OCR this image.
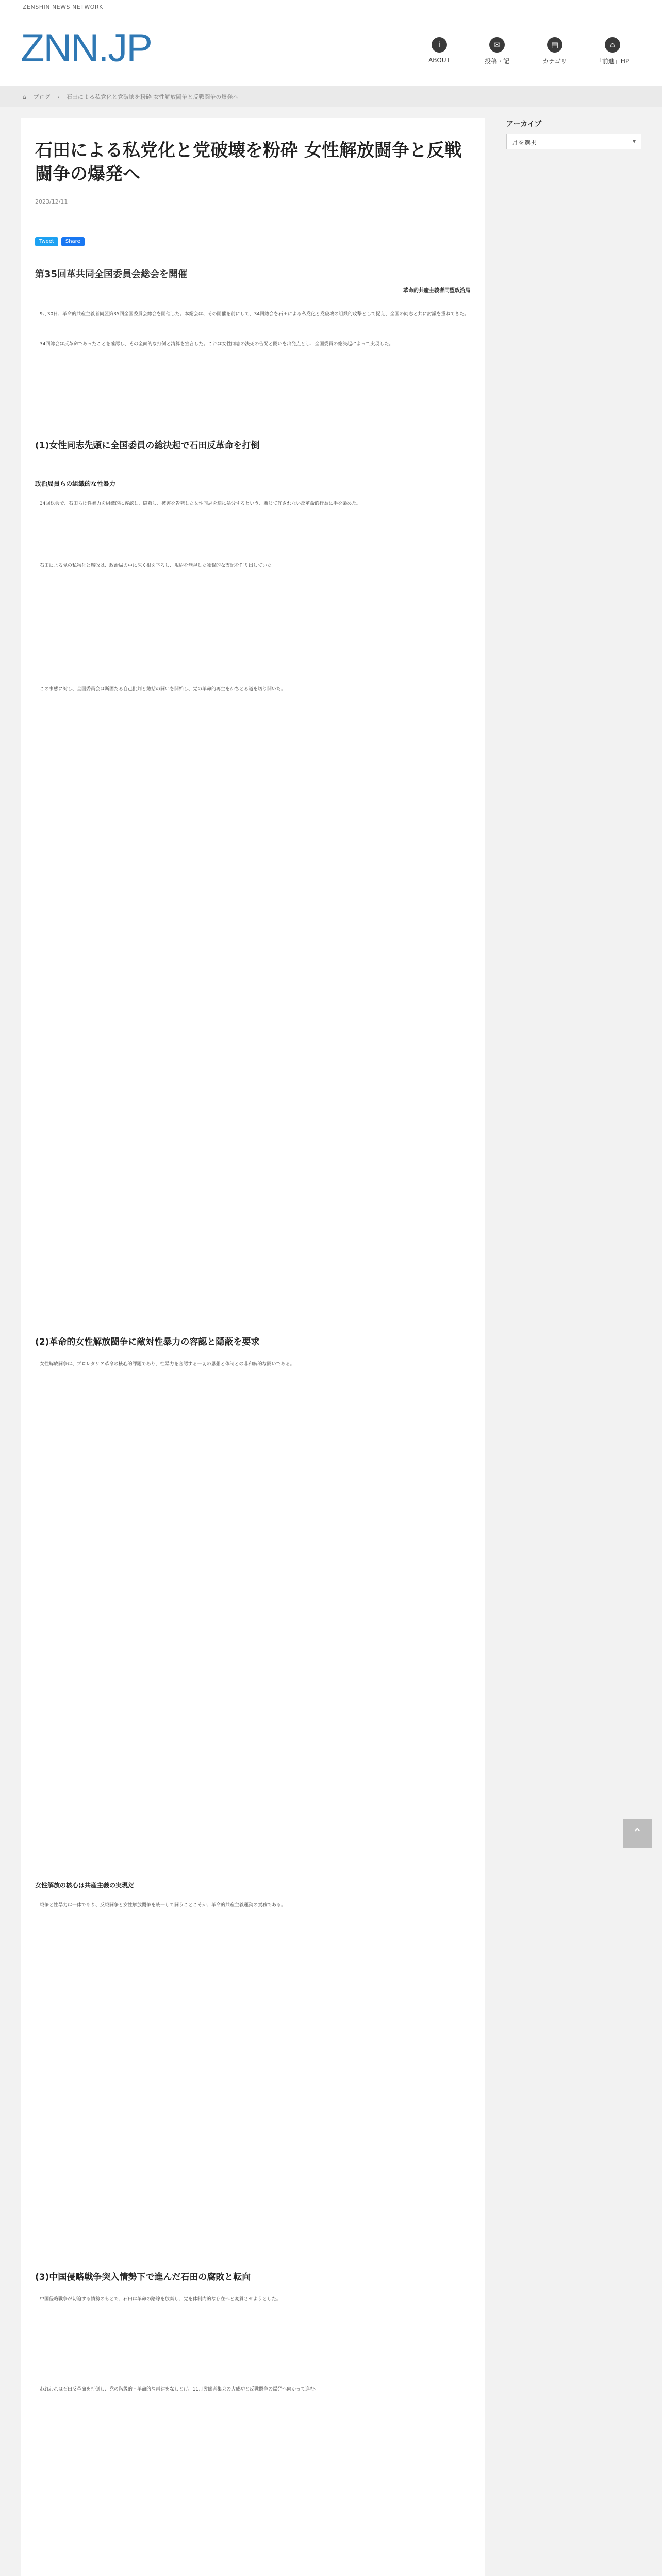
ZENSHIN NEWS NETWORK
ZNN.JP	i
ABOUT
✉
投稿・記
▤
カテゴリ
⌂
「前進」HP
⌂ ブログ › 石田による私党化と党破壊を粉砕 女性解放闘争と反戦闘争の爆発へ
アーカイブ
月を選択 ▾
石田による私党化と党破壊を粉砕 女性解放闘争と反戦闘争の爆発へ
2023/12/11
Tweet	Share
第35回革共同全国委員会総会を開催
革命的共産主義者同盟政治局
9月30日、革命的共産主義者同盟第35回全国委員会総会を開催した。本総会は、その開催を前にして、34回総会を石田による私党化と党破壊の組織的攻撃として捉え、全国の同志と共に討議を重ねてきた。
34回総会は反革命であったことを確認し、その全面的な打倒と清算を宣言した。これは女性同志の決死の告発と闘いを出発点とし、全国委員の総決起によって実現した。
(1)女性同志先頭に全国委員の総決起で石田反革命を打倒
政治局員らの組織的な性暴力
34回総会で、石田らは性暴力を組織的に容認し、隠蔽し、被害を告発した女性同志を逆に処分するという、断じて許されない反革命的行為に手を染めた。
石田による党の私物化と腐敗は、政治局の中に深く根を下ろし、規約を無視した独裁的な支配を作り出していた。
この事態に対し、全国委員会は断固たる自己批判と総括の闘いを開始し、党の革命的再生をかちとる道を切り開いた。
(2)革命的女性解放闘争に敵対性暴力の容認と隠蔽を要求
女性解放闘争は、プロレタリア革命の核心的課題であり、性暴力を容認する一切の思想と体制との非和解的な闘いである。
女性解放の核心は共産主義の実現だ
戦争と性暴力は一体であり、反戦闘争と女性解放闘争を統一して闘うことこそが、革命的共産主義運動の責務である。
(3)中国侵略戦争突入情勢下で進んだ石田の腐敗と転向
中国侵略戦争が切迫する情勢のもとで、石田は革命の路線を放棄し、党を体制内的な存在へと変質させようとした。
われわれは石田反革命を打倒し、党の階級的・革命的な再建をなしとげ、11月労働者集会の大成功と反戦闘争の爆発へ向かって進む。
⌃
